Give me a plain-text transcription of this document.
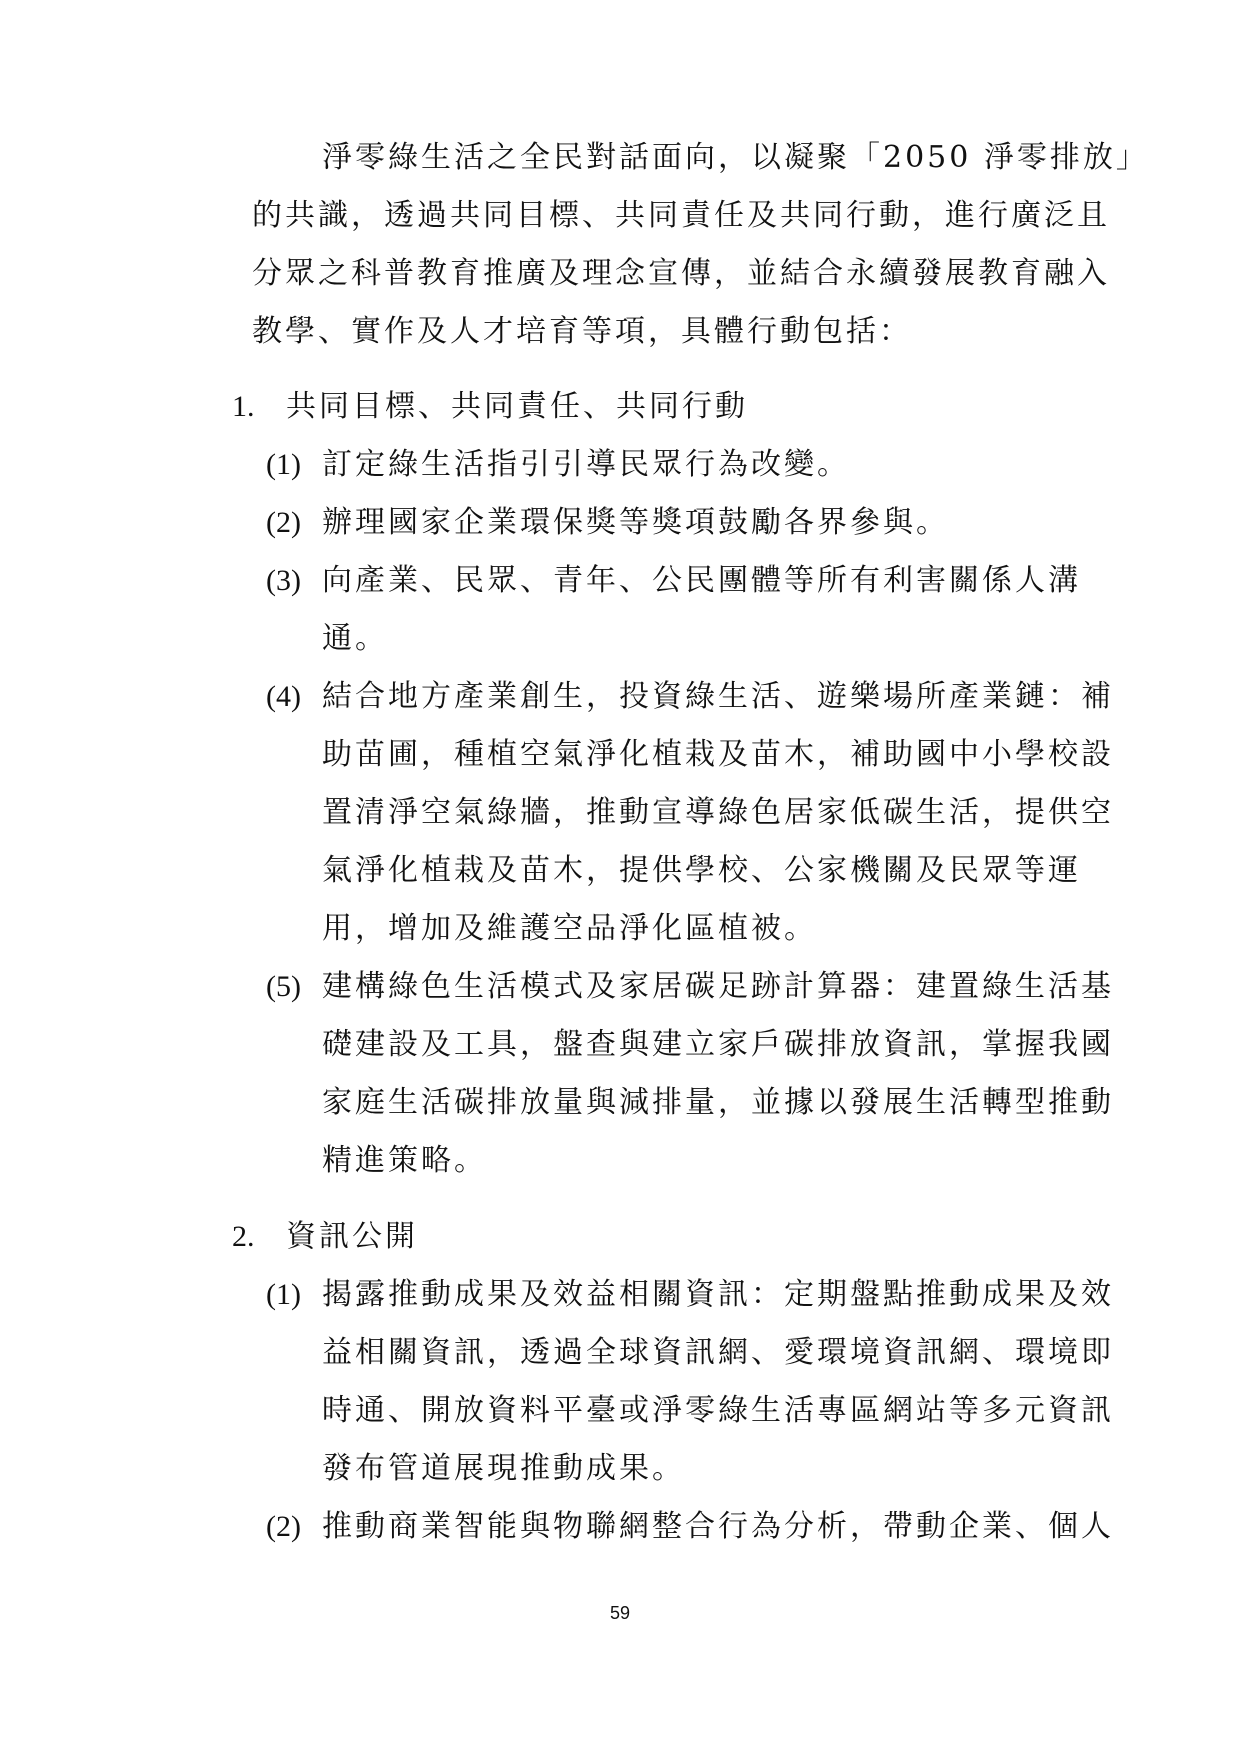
淨零綠生活之全民對話面向，以凝聚「2050 淨零排放」
的共識，透過共同目標、共同責任及共同行動，進行廣泛且
分眾之科普教育推廣及理念宣傳，並結合永續發展教育融入
教學、實作及人才培育等項，具體行動包括：
1. 共同目標、共同責任、共同行動
(1) 訂定綠生活指引引導民眾行為改變。
(2) 辦理國家企業環保獎等獎項鼓勵各界參與。
(3) 向產業、民眾、青年、公民團體等所有利害關係人溝
通。
(4) 結合地方產業創生，投資綠生活、遊樂場所產業鏈：補
助苗圃，種植空氣淨化植栽及苗木，補助國中小學校設
置清淨空氣綠牆，推動宣導綠色居家低碳生活，提供空
氣淨化植栽及苗木，提供學校、公家機關及民眾等運
用，增加及維護空品淨化區植被。
(5) 建構綠色生活模式及家居碳足跡計算器：建置綠生活基
礎建設及工具，盤查與建立家戶碳排放資訊，掌握我國
家庭生活碳排放量與減排量，並據以發展生活轉型推動
精進策略。
2. 資訊公開
(1) 揭露推動成果及效益相關資訊：定期盤點推動成果及效
益相關資訊，透過全球資訊網、愛環境資訊網、環境即
時通、開放資料平臺或淨零綠生活專區網站等多元資訊
發布管道展現推動成果。
(2) 推動商業智能與物聯網整合行為分析，帶動企業、個人
59
